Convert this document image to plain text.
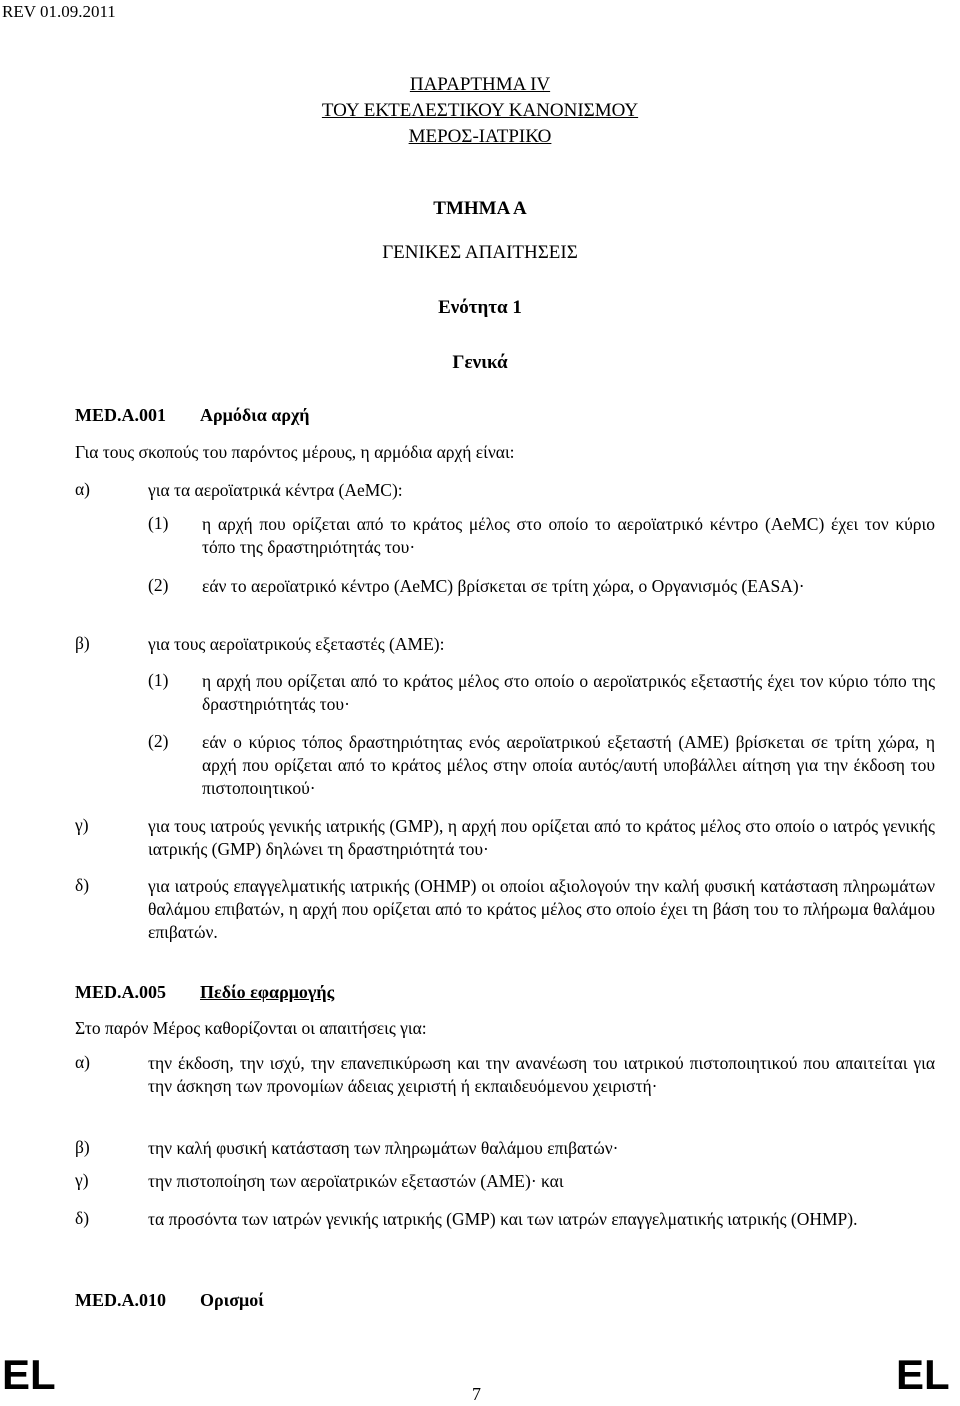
REV 01.09.2011
ΠΑΡΑΡΤΗΜΑ IV
ΤΟΥ ΕΚΤΕΛΕΣΤΙΚΟΥ ΚΑΝΟΝΙΣΜΟΥ
ΜΕΡΟΣ-ΙΑΤΡΙΚΟ
ΤΜΗΜΑ Α
ΓΕΝΙΚΕΣ ΑΠΑΙΤΗΣΕΙΣ
Ενότητα 1
Γενικά
MED.A.001 Αρμόδια αρχή
Για τους σκοπούς του παρόντος μέρους, η αρμόδια αρχή είναι:
α)	για τα αεροϊατρικά κέντρα (AeMC):
(1) η αρχή που ορίζεται από το κράτος μέλος στο οποίο το αεροϊατρικό κέντρο (AeMC) έχει τον κύριο τόπο της δραστηριότητάς του·
(2) εάν το αεροϊατρικό κέντρο (AeMC) βρίσκεται σε τρίτη χώρα, ο Οργανισμός (EASA)·
β)	για τους αεροϊατρικούς εξεταστές (AME):
(1) η αρχή που ορίζεται από το κράτος μέλος στο οποίο ο αεροϊατρικός εξεταστής έχει τον κύριο τόπο της δραστηριότητάς του·
(2) εάν ο κύριος τόπος δραστηριότητας ενός αεροϊατρικού εξεταστή (AME) βρίσκεται σε τρίτη χώρα, η αρχή που ορίζεται από το κράτος μέλος στην οποία αυτός/αυτή υποβάλλει αίτηση για την έκδοση του πιστοποιητικού·
γ)	για τους ιατρούς γενικής ιατρικής (GMP), η αρχή που ορίζεται από το κράτος μέλος στο οποίο ο ιατρός γενικής ιατρικής (GMP) δηλώνει τη δραστηριότητά του·
δ)	για ιατρούς επαγγελματικής ιατρικής (OHMP) οι οποίοι αξιολογούν την καλή φυσική κατάσταση πληρωμάτων θαλάμου επιβατών, η αρχή που ορίζεται από το κράτος μέλος στο οποίο έχει τη βάση του το πλήρωμα θαλάμου επιβατών.
MED.A.005 Πεδίο εφαρμογής
Στο παρόν Μέρος καθορίζονται οι απαιτήσεις για:
α)	την έκδοση, την ισχύ, την επανεπικύρωση και την ανανέωση του ιατρικού πιστοποιητικού που απαιτείται για την άσκηση των προνομίων άδειας χειριστή ή εκπαιδευόμενου χειριστή·
β)	την καλή φυσική κατάσταση των πληρωμάτων θαλάμου επιβατών·
γ)	την πιστοποίηση των αεροϊατρικών εξεταστών (AME)· και
δ)	τα προσόντα των ιατρών γενικής ιατρικής (GMP) και των ιατρών επαγγελματικής ιατρικής (OHMP).
MED.A.010 Ορισμοί
EL	7	EL
